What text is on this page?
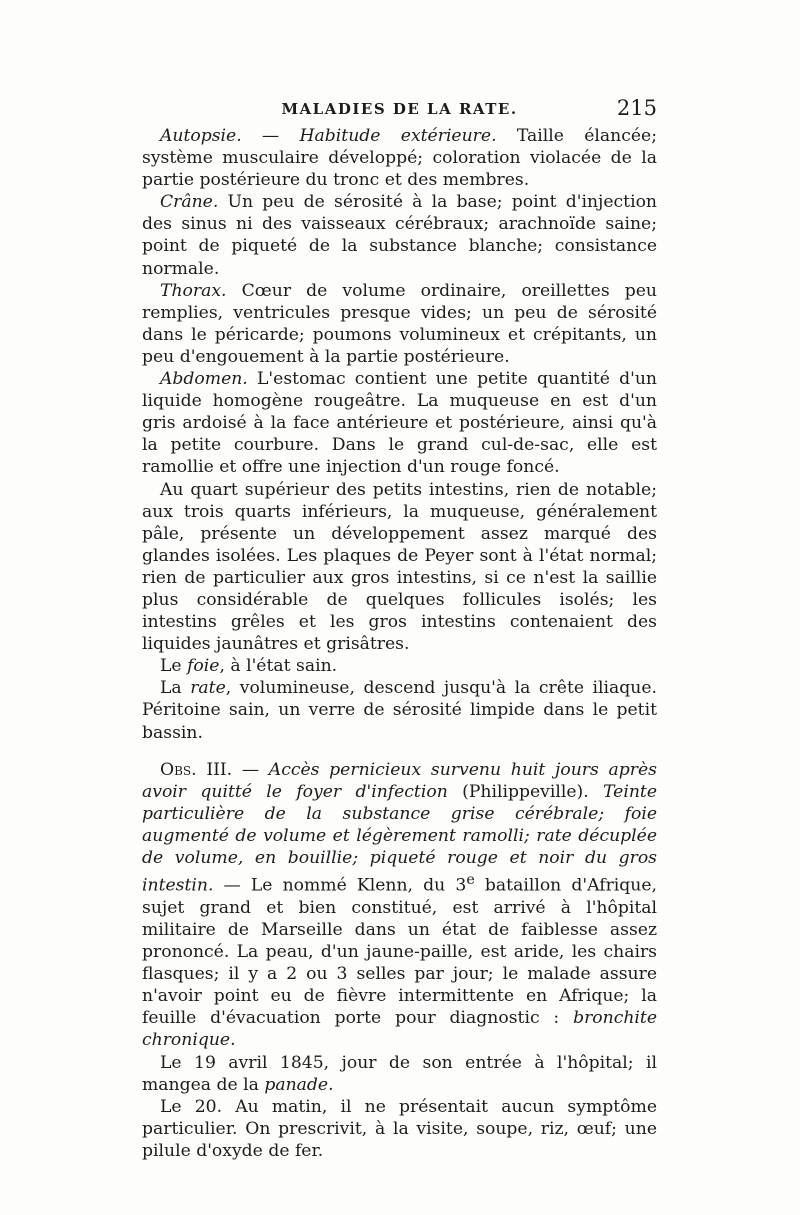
MALADIES DE LA RATE.	215

Autopsie. — Habitude extérieure. Taille élancée; système musculaire développé; coloration violacée de la partie postérieure du tronc et des membres.

Crâne. Un peu de sérosité à la base; point d'injection des sinus ni des vaisseaux cérébraux; arachnoïde saine; point de piqueté de la substance blanche; consistance normale.

Thorax. Cœur de volume ordinaire, oreillettes peu remplies, ventricules presque vides; un peu de sérosité dans le péricarde; poumons volumineux et crépitants, un peu d'engouement à la partie postérieure.

Abdomen. L'estomac contient une petite quantité d'un liquide homogène rougeâtre. La muqueuse en est d'un gris ardoisé à la face antérieure et postérieure, ainsi qu'à la petite courbure. Dans le grand cul-de-sac, elle est ramollie et offre une injection d'un rouge foncé.

Au quart supérieur des petits intestins, rien de notable; aux trois quarts inférieurs, la muqueuse, généralement pâle, présente un développement assez marqué des glandes isolées. Les plaques de Peyer sont à l'état normal; rien de particulier aux gros intestins, si ce n'est la saillie plus considérable de quelques follicules isolés; les intestins grêles et les gros intestins contenaient des liquides jaunâtres et grisâtres.

Le foie, à l'état sain.

La rate, volumineuse, descend jusqu'à la crête iliaque. Péritoine sain, un verre de sérosité limpide dans le petit bassin.

Obs. III. — Accès pernicieux survenu huit jours après avoir quitté le foyer d'infection (Philippeville). Teinte particulière de la substance grise cérébrale; foie augmenté de volume et légèrement ramolli; rate décuplée de volume, en bouillie; piqueté rouge et noir du gros intestin. — Le nommé Klenn, du 3e bataillon d'Afrique, sujet grand et bien constitué, est arrivé à l'hôpital militaire de Marseille dans un état de faiblesse assez prononcé. La peau, d'un jaune-paille, est aride, les chairs flasques; il y a 2 ou 3 selles par jour; le malade assure n'avoir point eu de fièvre intermittente en Afrique; la feuille d'évacuation porte pour diagnostic : bronchite chronique.

Le 19 avril 1845, jour de son entrée à l'hôpital; il mangea de la panade.

Le 20. Au matin, il ne présentait aucun symptôme particulier. On prescrivit, à la visite, soupe, riz, œuf; une pilule d'oxyde de fer.
